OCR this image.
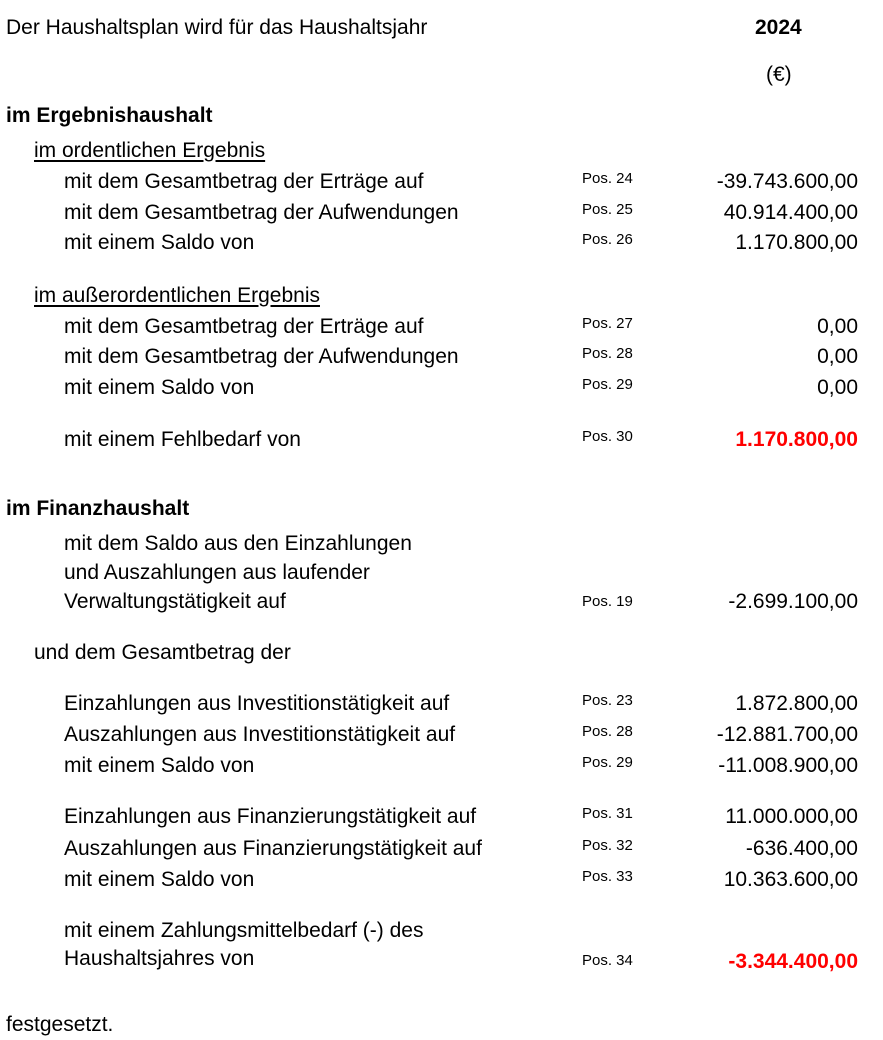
Der Haushaltsplan wird für das Haushaltsjahr	2024
(€)
im Ergebnishaushalt
im ordentlichen Ergebnis
mit dem Gesamtbetrag der Erträge auf	Pos. 24	-39.743.600,00
mit dem Gesamtbetrag der Aufwendungen	Pos. 25	40.914.400,00
mit einem Saldo von	Pos. 26	1.170.800,00
im außerordentlichen Ergebnis
mit dem Gesamtbetrag der Erträge auf	Pos. 27	0,00
mit dem Gesamtbetrag der Aufwendungen	Pos. 28	0,00
mit einem Saldo von	Pos. 29	0,00
mit einem Fehlbedarf von	Pos. 30	1.170.800,00
im Finanzhaushalt
mit dem Saldo aus den Einzahlungen
und Auszahlungen aus laufender
Verwaltungstätigkeit auf	Pos. 19	-2.699.100,00
und dem Gesamtbetrag der
Einzahlungen aus Investitionstätigkeit auf	Pos. 23	1.872.800,00
Auszahlungen aus Investitionstätigkeit auf	Pos. 28	-12.881.700,00
mit einem Saldo von	Pos. 29	-11.008.900,00
Einzahlungen aus Finanzierungstätigkeit auf	Pos. 31	11.000.000,00
Auszahlungen aus Finanzierungstätigkeit auf	Pos. 32	-636.400,00
mit einem Saldo von	Pos. 33	10.363.600,00
mit einem Zahlungsmittelbedarf (-) des
Haushaltsjahres von	Pos. 34	-3.344.400,00
festgesetzt.
